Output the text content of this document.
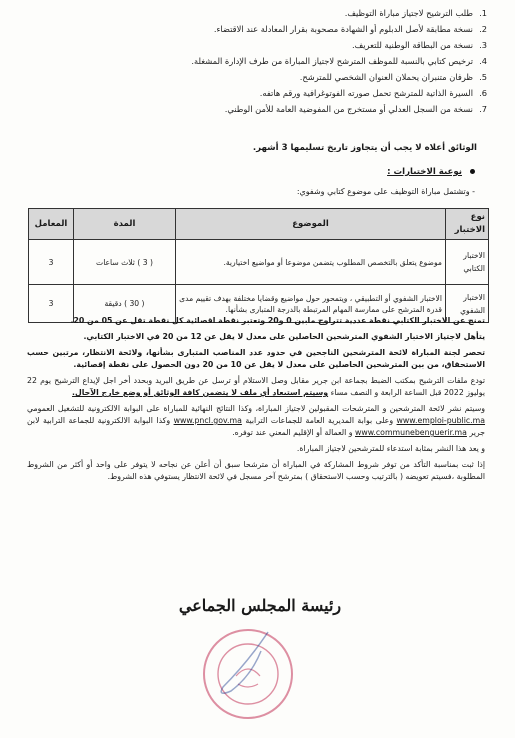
1.طلب الترشيح لاجتياز مباراة التوظيف.
2.نسخة مطابقة لأصل الدبلوم أو الشهادة مصحوبة بقرار المعادلة عند الاقتضاء.
3.نسخة من البطاقة الوطنية للتعريف.
4.ترخيص كتابي بالنسبة للموظف المترشح لاجتياز المباراة من طرف الإدارة المشغلة.
5.ظرفان متنبران يحملان العنوان الشخصي للمترشح.
6.السيرة الذاتية للمترشح تحمل صورته الفوتوغرافية ورقم هاتفه.
7.نسخة من السجل العدلي أو مستخرج من المفوضية العامة للأمن الوطني.
الوثائق أعلاه لا يجب أن يتجاوز تاريخ تسليمها 3 أشهر.
نوعية الاختبارات :
- وتشتمل مباراة التوظيف على موضوع كتابي وشفوي:
نوع الاختبار	الموضوع	المدة	المعامل
الاختبار الكتابي	موضوع يتعلق بالتخصص المطلوب يتضمن موضوعا أو مواضيع اختيارية.	( 3 ) ثلاث ساعات	3
الاختبار الشفوي	الاختبار الشفوي أو التطبيقي ، ويتمحور حول مواضيع وقضايا مختلفة بهدف تقييم مدى قدرة المترشح على ممارسة المهام المرتبطة بالدرجة المتبارى بشأنها.	( 30 ) دقيقة	3

تمنح عن الاختبار الكتابي نقطة عددية تتراوح مابين 0 و20 وتعتبر نقطة اقصائية كل نقطة تقل عن 05 من 20.

يتأهل لاجتياز الاختبار الشفوي المترشحين الحاصلين على معدل لا يقل عن 12 من 20 في الاختبار الكتابي.

تحصر لجنة المباراة لائحة المترشحين الناجحين في حدود عدد المناصب المتبارى بشأنها، ولائحة الانتظار، مرتبين حسب الاستحقاق، من بين المترشحين الحاصلين على معدل لا يقل عن 10 من 20 دون الحصول على نقطة إقصائية.

تودع ملفات الترشيح بمكتب الضبط بجماعة ابن جرير مقابل وصل الاستلام أو ترسل عن طريق البريد وبحدد أخر اجل لإيداع الترشيح يوم 22 يوليوز 2022 قبل الساعة الرابعة و النصف مساء وسيتم استبعاد أي ملف لا يتضمن كافة الوثائق أو وضع خارج الآجال.

وسيتم نشر لائحة المترشحين و المترشحات المقبولين لاجتياز المباراة، وكذا النتائج النهائية للمباراة على البوابة الالكترونية للتشغيل العمومي www.emploi-public.ma وعلى بوابة المديرية العامة للجماعات الترابية www.pncl.gov.ma وكذا البوابة الالكترونية للجماعة الترابية لابن جرير www.communebenguerir.ma و العمالة أو الإقليم المعني عند توفره.

و يعد هذا النشر بمثابة استدعاء للمترشحين لاجتياز المباراة.

إذا ثبت بمناسبة التأكد من توفر شروط المشاركة في المباراة أن مترشحا سبق أن أعلن عن نجاحه لا يتوفر على واحد أو أكثر من الشروط المطلوبة ،فسيتم تعويضه ( بالترتيب وحسب الاستحقاق ) بمترشح آخر مسجل في لائحة الانتظار يستوفي هذه الشروط.

رئيسة المجلس الجماعي
